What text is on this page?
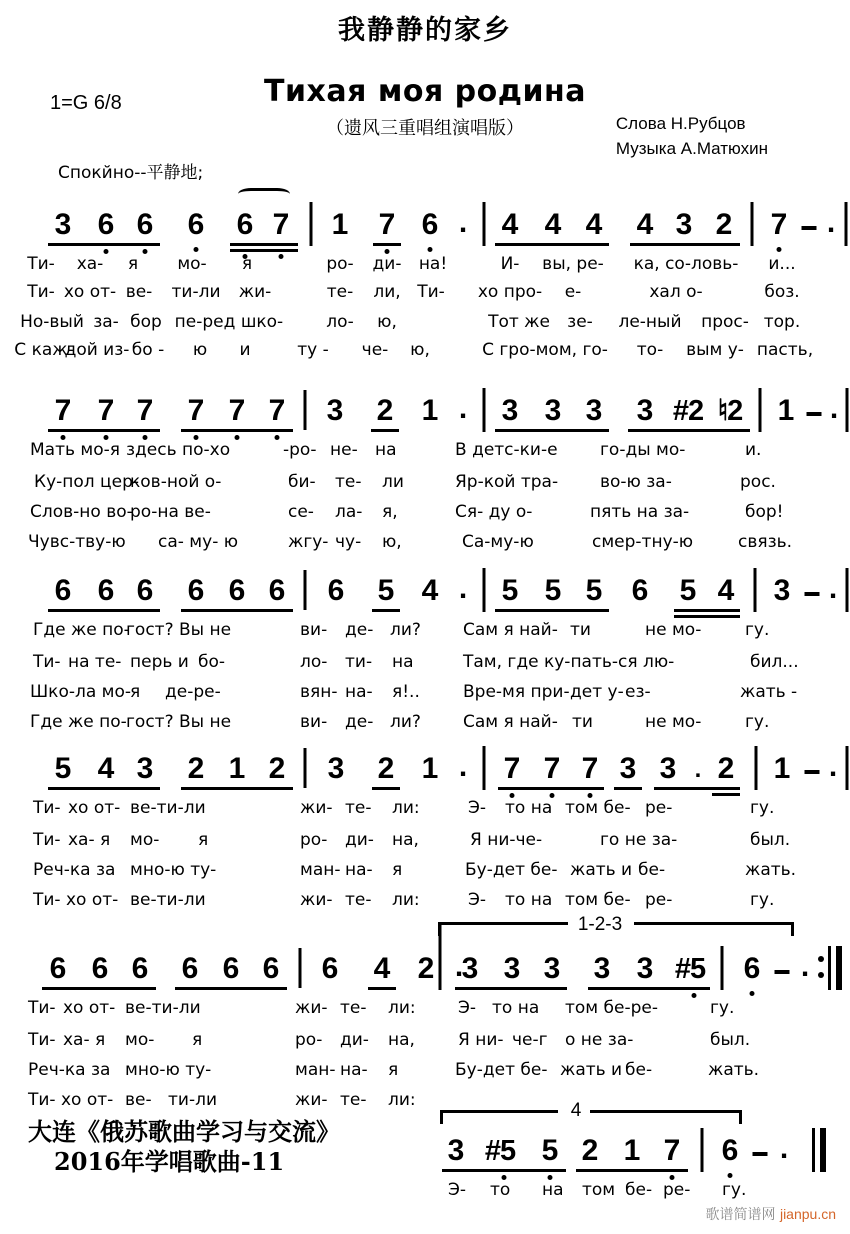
我静静的家乡
Тихая моя родина
（遗风三重唱组演唱版）
1=G 6/8
Слова Н.Рубцов
Музыка А.Матюхин
Спокйно--平静地;
3 6 6 6 6 7 1 7 6 . 4 4 4 4 3 2 7 .
Ти- ха- я мо- я	ро- ди- на!	И- вы, ре- ка, со-ловь- и...
Ти- хо от- ве- ти-ли жи-	те- ли, Ти- хо про- е-	хал о-	боз.
Но-вый за- бор пе-ред шко-	ло- ю,	Тот же зе- ле-ный прос- тор.
С каж-
дой из- бо - ю и	ту - че- ю,	С гро-мом, го- то- вым у- пасть,
7 7 7 7 7 7 3 2 1 . 3 3 3 3 #2 ♮2 1 .
Мать мо-я здесь по-хо	-ро- не- на	В детс-ки-е го-ды мо-	и.
Ку-пол цер-
ков-ной о-	би- те- ли	Яр-кой тра- во-ю за-	рос.
Слов-но во-
ро-на ве-	се- ла- я,	Ся- ду о-	пять на за-	бор!
Чувс-тву-ю са- му- ю	жгу- чу- ю,	Са-му-ю	смер-тну-ю	связь.
6 6 6 6 6 6 6 5 4 . 5 5 5 6 5 4 3 .
Где же по-
гост? Вы не	ви- де- ли? Сам я най- ти	не мо-	гу.
Ти- на те- перь и бо-	ло- ти- на	Там, где ку-пать-ся лю-	бил...
Шко-ла мо-
я де-ре-	вян- на- я!..	Вре-мя при- дет у- ез-	жать -
Где же по- гост? Вы не	ви- де- ли? Сам я най- ти	не мо-	гу.
5 4 3 2 1 2 3 2 1 . 7 7 7 3 3 . 2 1 .
Ти- хо от- ве-ти-ли	жи- те- ли:	Э- то на том бе- ре-	гу.
Ти- ха- я мо- я	ро- ди- на,	Я ни-че-	го не за-	был.
Реч-ка за мно-ю ту-	ман- на- я	Бу-дет бе- жать и бе-	жать.
Ти- хо от- ве-ти-ли	жи- те- ли:	Э- то на том бе- ре-	гу.
1-2-3
6 6 6 6 6 6 6 4 2 .
3 3 3 3 3 #5 6 .
Ти- хо от- ве-ти-ли	жи- те- ли: Э- то на том бе-ре-	гу.
Ти- ха- я мо- я	ро- ди- на,	Я ни- че-г о не за-	был.
Реч-ка за мно-ю ту-	ман- на- я	Бу-дет бе- жать и бе-	жать.
Ти- хо от- ве- ти-ли	жи- те- ли:	4
3 #5 5 2 1 7 6 .
Э- то на том бе- ре- гу.
大连《俄苏歌曲学习与交流》
2016年学唱歌曲-11
歌谱简谱网 jianpu.cn
